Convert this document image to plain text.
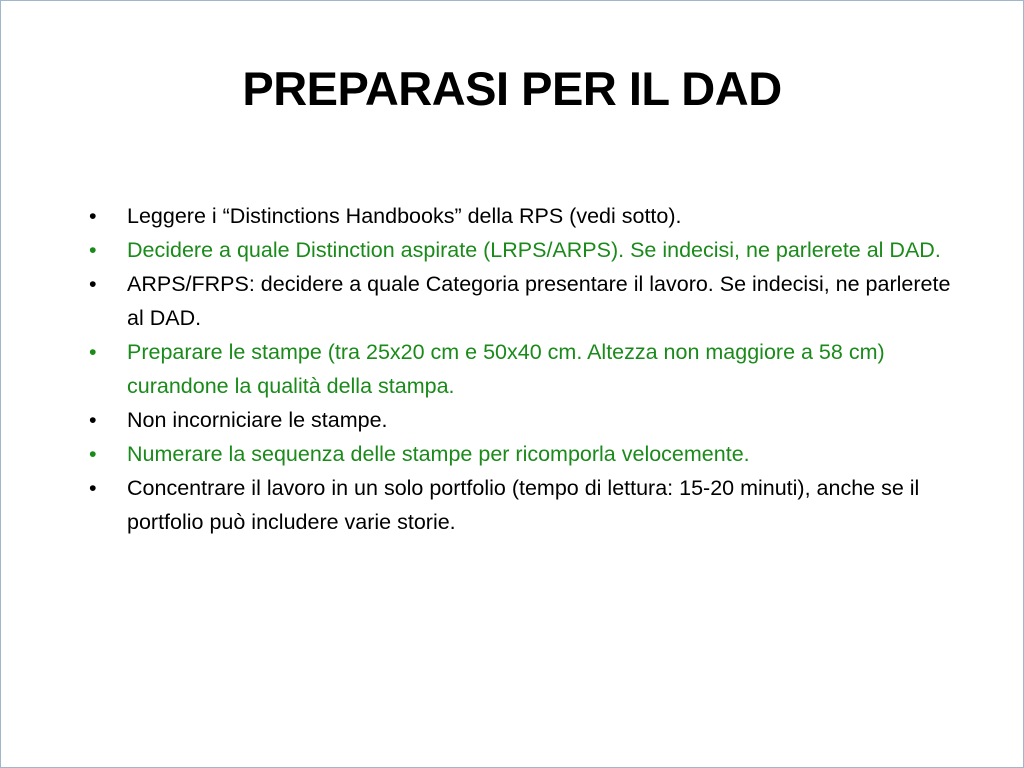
PREPARASI PER IL DAD
•	Leggere i “Distinctions Handbooks” della RPS (vedi sotto).
•	Decidere a quale Distinction aspirate (LRPS/ARPS). Se indecisi, ne parlerete al DAD.
•	ARPS/FRPS: decidere a quale Categoria presentare il lavoro. Se indecisi, ne parlerete al DAD.
•	Preparare le stampe (tra 25x20 cm e 50x40 cm. Altezza non maggiore a 58 cm) curandone la qualità della stampa.
•	Non incorniciare le stampe.
•	Numerare la sequenza delle stampe per ricomporla velocemente.
•	Concentrare il lavoro in un solo portfolio (tempo di lettura: 15-20 minuti), anche se il portfolio può includere varie storie.
